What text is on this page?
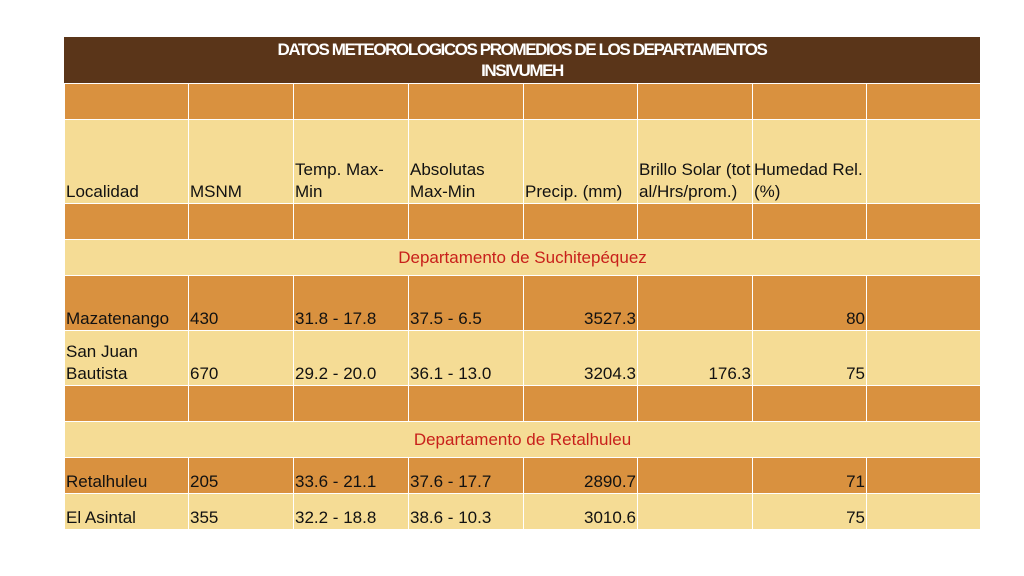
DATOS METEOROLOGICOS PROMEDIOS DE LOS DEPARTAMENTOS
INSIVUMEH

Localidad	MSNM	Temp. Max-Min	Absolutas Max-Min	Precip. (mm)	Brillo Solar (total/Hrs/prom.)	Humedad Rel. (%)	

Departamento de Suchitepéquez							
Mazatenango	430	31.8 - 17.8	37.5 - 6.5	3527.3		80	
San Juan Bautista	670	29.2 - 20.0	36.1 - 13.0	3204.3	176.3	75	

Departamento de Retalhuleu							
Retalhuleu	205	33.6 - 21.1	37.6 - 17.7	2890.7		71	
El Asintal	355	32.2 - 18.8	38.6 - 10.3	3010.6		75	
